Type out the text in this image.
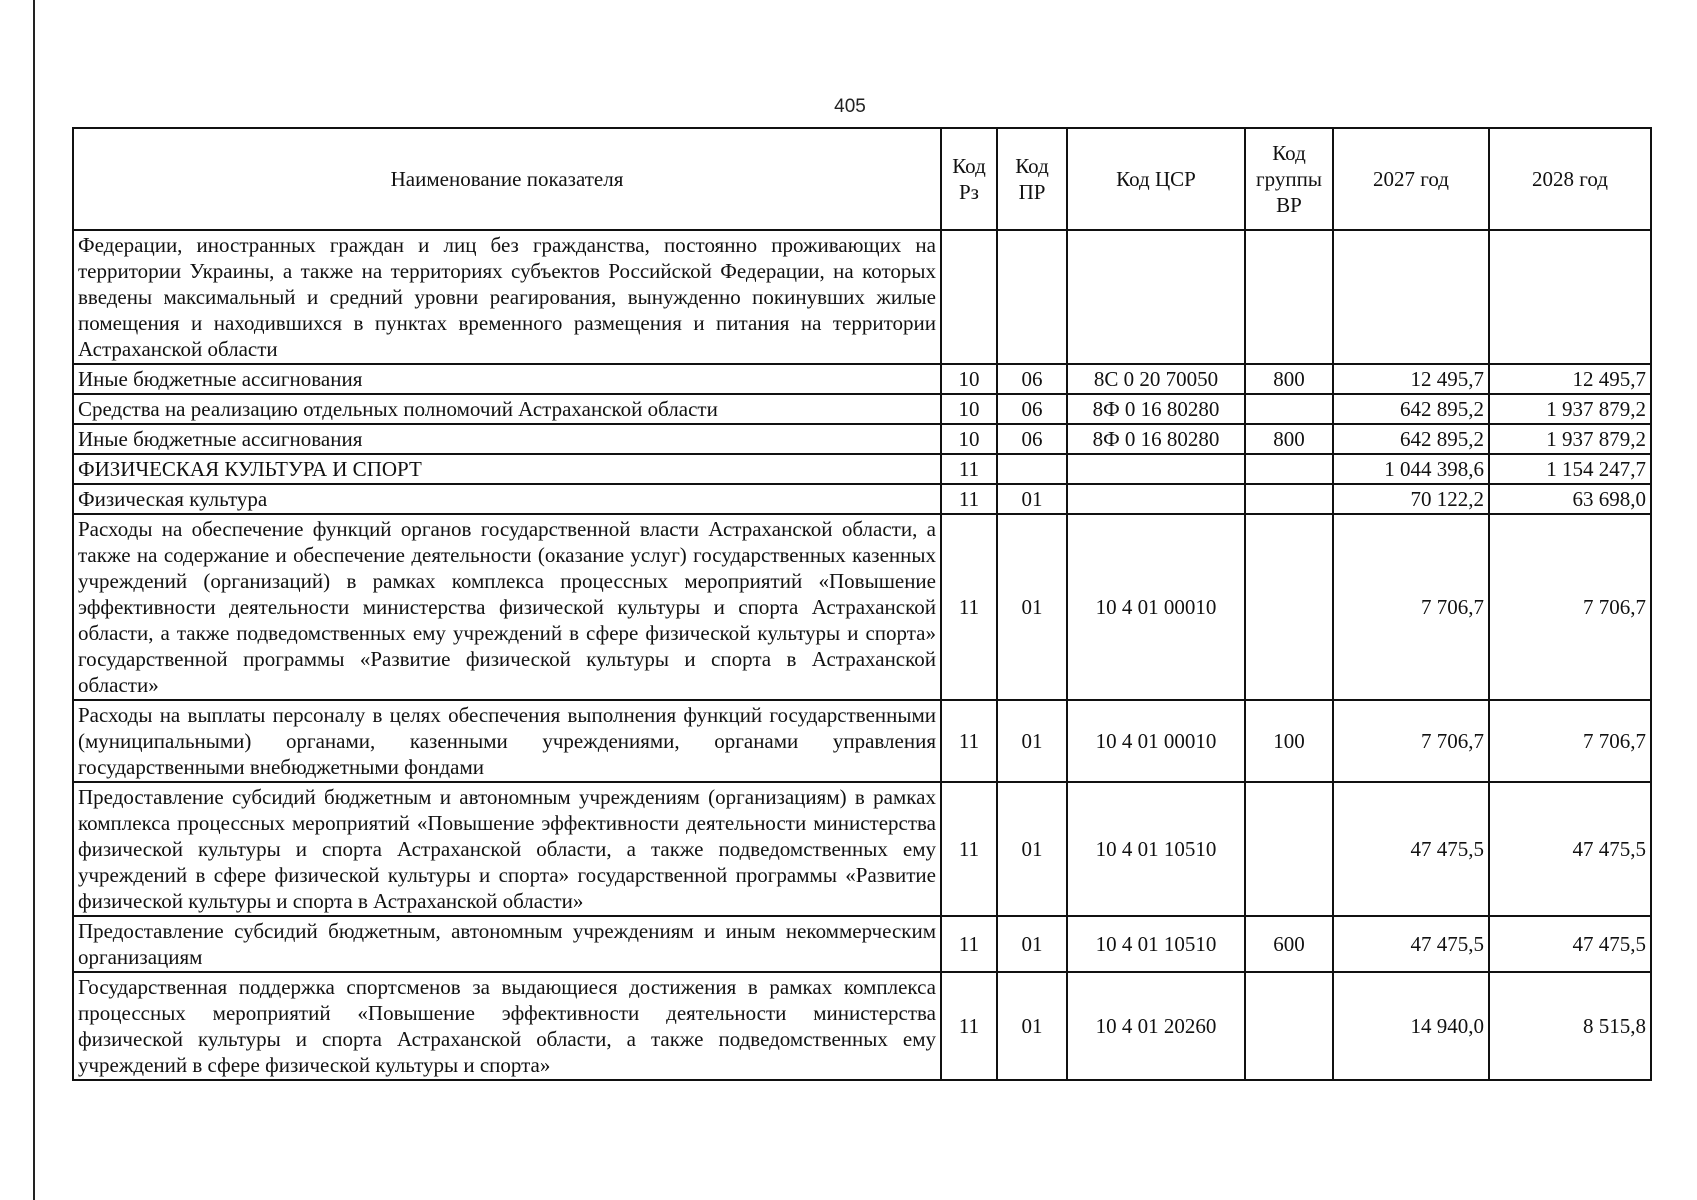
405
Наименование показателя	Код Рз	Код ПР	Код ЦСР	Код группы ВР	2027 год	2028 год
Федерации, иностранных граждан и лиц без гражданства, постоянно проживающих на территории Украины, а также на территориях субъектов Российской Федерации, на которых введены максимальный и средний уровни реагирования, вынужденно покинувших жилые помещения и находившихся в пунктах временного размещения и питания на территории Астраханской области						
Иные бюджетные ассигнования	10	06	8С 0 20 70050	800	12 495,7	12 495,7
Средства на реализацию отдельных полномочий Астраханской области	10	06	8Ф 0 16 80280		642 895,2	1 937 879,2
Иные бюджетные ассигнования	10	06	8Ф 0 16 80280	800	642 895,2	1 937 879,2
ФИЗИЧЕСКАЯ КУЛЬТУРА И СПОРТ	11				1 044 398,6	1 154 247,7
Физическая культура	11	01			70 122,2	63 698,0
Расходы на обеспечение функций органов государственной власти Астраханской области, а также на содержание и обеспечение деятельности (оказание услуг) государственных казенных учреждений (организаций) в рамках комплекса процессных мероприятий «Повышение эффективности деятельности министерства физической культуры и спорта Астраханской области, а также подведомственных ему учреждений в сфере физической культуры и спорта» государственной программы «Развитие физической культуры и спорта в Астраханской области»	11	01	10 4 01 00010		7 706,7	7 706,7
Расходы на выплаты персоналу в целях обеспечения выполнения функций государственными (муниципальными) органами, казенными учреждениями, органами управления государственными внебюджетными фондами	11	01	10 4 01 00010	100	7 706,7	7 706,7
Предоставление субсидий бюджетным и автономным учреждениям (организациям) в рамках комплекса процессных мероприятий «Повышение эффективности деятельности министерства физической культуры и спорта Астраханской области, а также подведомственных ему учреждений в сфере физической культуры и спорта» государственной программы «Развитие физической культуры и спорта в Астраханской области»	11	01	10 4 01 10510		47 475,5	47 475,5
Предоставление субсидий бюджетным, автономным учреждениям и иным некоммерческим организациям	11	01	10 4 01 10510	600	47 475,5	47 475,5
Государственная поддержка спортсменов за выдающиеся достижения в рамках комплекса процессных мероприятий «Повышение эффективности деятельности министерства физической культуры и спорта Астраханской области, а также подведомственных ему учреждений в сфере физической культуры и спорта»	11	01	10 4 01 20260		14 940,0	8 515,8
